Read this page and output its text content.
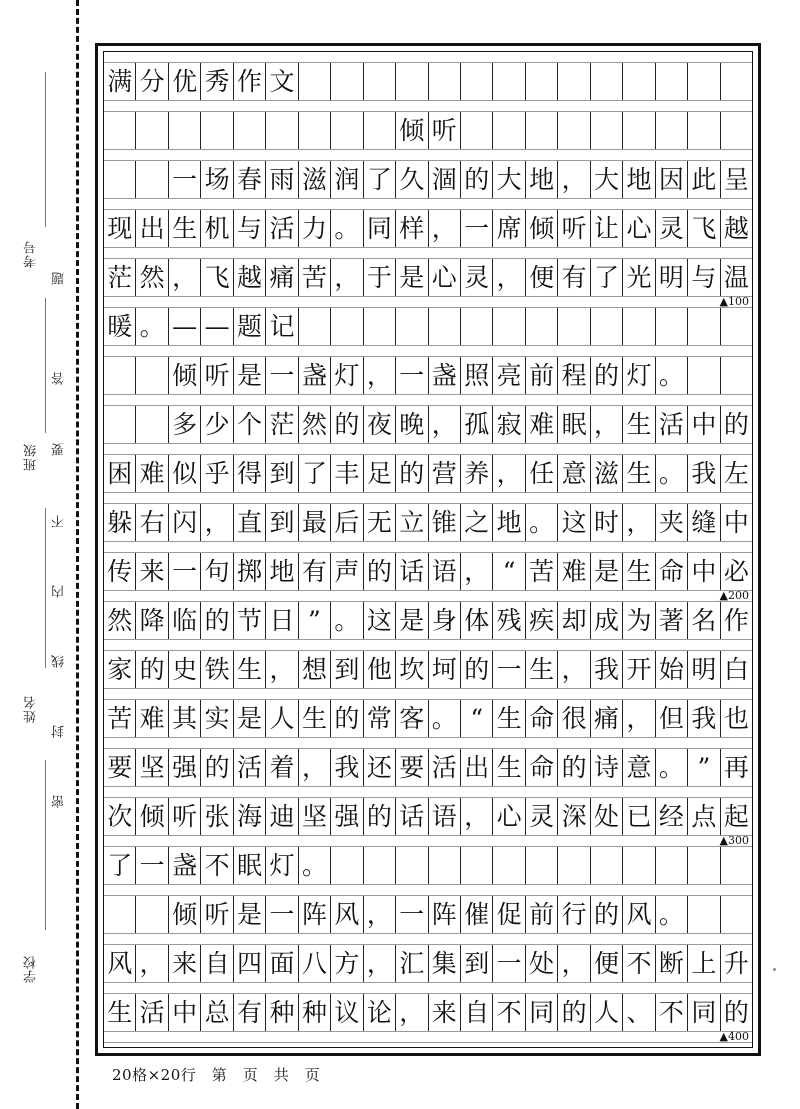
考号
班级
姓名
学校
密
封
线
内
不
要
答
题
满 分 优 秀 作 文
倾 听
一 场 春 雨 滋 润 了 久 涸 的 大 地 ， 大 地 因 此 呈
现 出 生 机 与 活 力 。 同 样 ， 一 席 倾 听 让 心 灵 飞 越
茫 然 ， 飞 越 痛 苦 ， 于 是 心 灵 ， 便 有 了 光 明 与 温
▲100
暖 。 — — 题 记
倾 听 是 一 盏 灯 ， 一 盏 照 亮 前 程 的 灯 。
多 少 个 茫 然 的 夜 晚 ， 孤 寂 难 眠 ， 生 活 中 的
困 难 似 乎 得 到 了 丰 足 的 营 养 ， 任 意 滋 生 。 我 左
躲 右 闪 ， 直 到 最 后 无 立 锥 之 地 。 这 时 ， 夹 缝 中
传 来 一 句 掷 地 有 声 的 话 语 ， “ 苦 难 是 生 命 中 必
▲200
然 降 临 的 节 日 ” 。 这 是 身 体 残 疾 却 成 为 著 名 作
家 的 史 铁 生 ， 想 到 他 坎 坷 的 一 生 ， 我 开 始 明 白
苦 难 其 实 是 人 生 的 常 客 。 “ 生 命 很 痛 ， 但 我 也
要 坚 强 的 活 着 ， 我 还 要 活 出 生 命 的 诗 意 。 ” 再
次 倾 听 张 海 迪 坚 强 的 话 语 ， 心 灵 深 处 已 经 点 起
▲300
了 一 盏 不 眠 灯 。
倾 听 是 一 阵 风 ， 一 阵 催 促 前 行 的 风 。
风 ， 来 自 四 面 八 方 ， 汇 集 到 一 处 ， 便 不 断 上 升
生 活 中 总 有 种 种 议 论 ， 来 自 不 同 的 人 、 不 同 的
▲400
20格×20行　第　页　共　页
